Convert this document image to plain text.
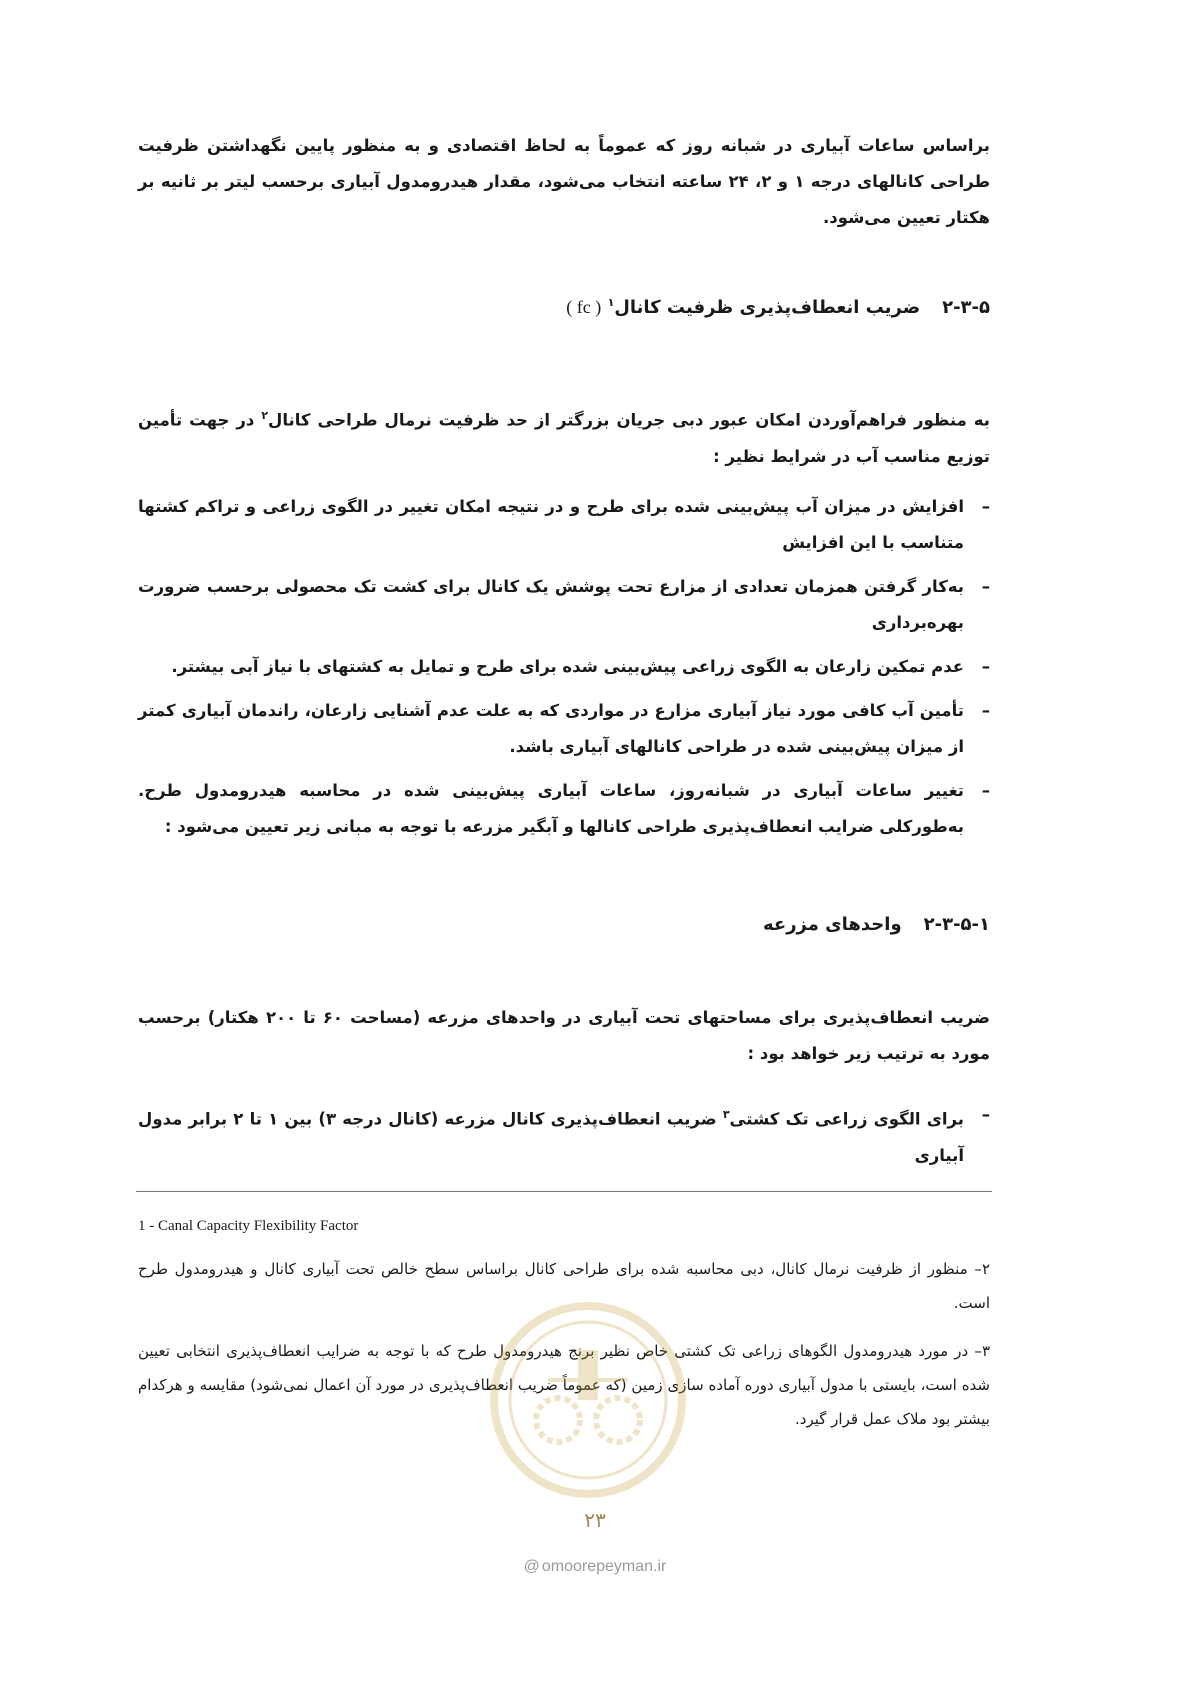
براساس ساعات آبیاری در شبانه روز که عموماً به لحاظ اقتصادی و به منظور پایین نگهداشتن ظرفیت طراحی کانالهای درجه ۱ و ۲، ۲۴ ساعته انتخاب می‌شود، مقدار هیدرومدول آبیاری برحسب لیتر بر ثانیه بر هکتار تعیین می‌شود.

۲-۳-۵ضریب انعطاف‌پذیری ظرفیت کانال$^۱$ ( fc )

به منظور فراهم‌آوردن امکان عبور دبی جریان بزرگتر از حد ظرفیت نرمال طراحی کانال$^۲$ در جهت تأمین توزیع مناسب آب در شرایط نظیر :

–
افزایش در میزان آب پیش‌بینی شده برای طرح و در نتیجه امکان تغییر در الگوی زراعی و تراکم کشتها متناسب با این افزایش
–
به‌کار گرفتن همزمان تعدادی از مزارع تحت پوشش یک کانال برای کشت تک محصولی برحسب ضرورت بهره‌برداری
–
عدم تمکین زارعان به الگوی زراعی پیش‌بینی شده برای طرح و تمایل به کشتهای با نیاز آبی بیشتر.
–
تأمین آب کافی مورد نیاز آبیاری مزارع در مواردی که به علت عدم آشنایی زارعان، راندمان آبیاری کمتر از میزان پیش‌بینی شده در طراحی کانالهای آبیاری باشد.
–
تغییر ساعات آبیاری در شبانه‌روز، ساعات آبیاری پیش‌بینی شده در محاسبه هیدرومدول طرح. به‌طورکلی ضرایب انعطاف‌پذیری طراحی کانالها و آبگیر مزرعه با توجه به مبانی زیر تعیین می‌شود :
۲-۳-۵-۱واحدهای مزرعه

ضریب انعطاف‌پذیری برای مساحتهای تحت آبیاری در واحدهای مزرعه (مساحت ۶۰ تا ۲۰۰ هکتار) برحسب مورد به ترتیب زیر خواهد بود :

–
برای الگوی زراعی تک کشتی$^۳$ ضریب انعطاف‌پذیری کانال مزرعه (کانال درجه ۳) بین ۱ تا ۲ برابر مدول آبیاری
1 - Canal Capacity Flexibility Factor

۲– منظور از ظرفیت نرمال کانال، دبی محاسبه شده برای طراحی کانال براساس سطح خالص تحت آبیاری کانال و هیدرومدول طرح است.

۳– در مورد هیدرومدول الگوهای زراعی تک کشتی خاص نظیر برنج هیدرومدول طرح که با توجه به ضرایب انعطاف‌پذیری انتخابی تعیین شده است، بایستی با مدول آبیاری دوره آماده سازی زمین (که عموماً ضریب انعطاف‌پذیری در مورد آن اعمال نمی‌شود) مقایسه و هرکدام بیشتر بود ملاک عمل قرار گیرد.

۲۳
@ omoorepeyman.ir
